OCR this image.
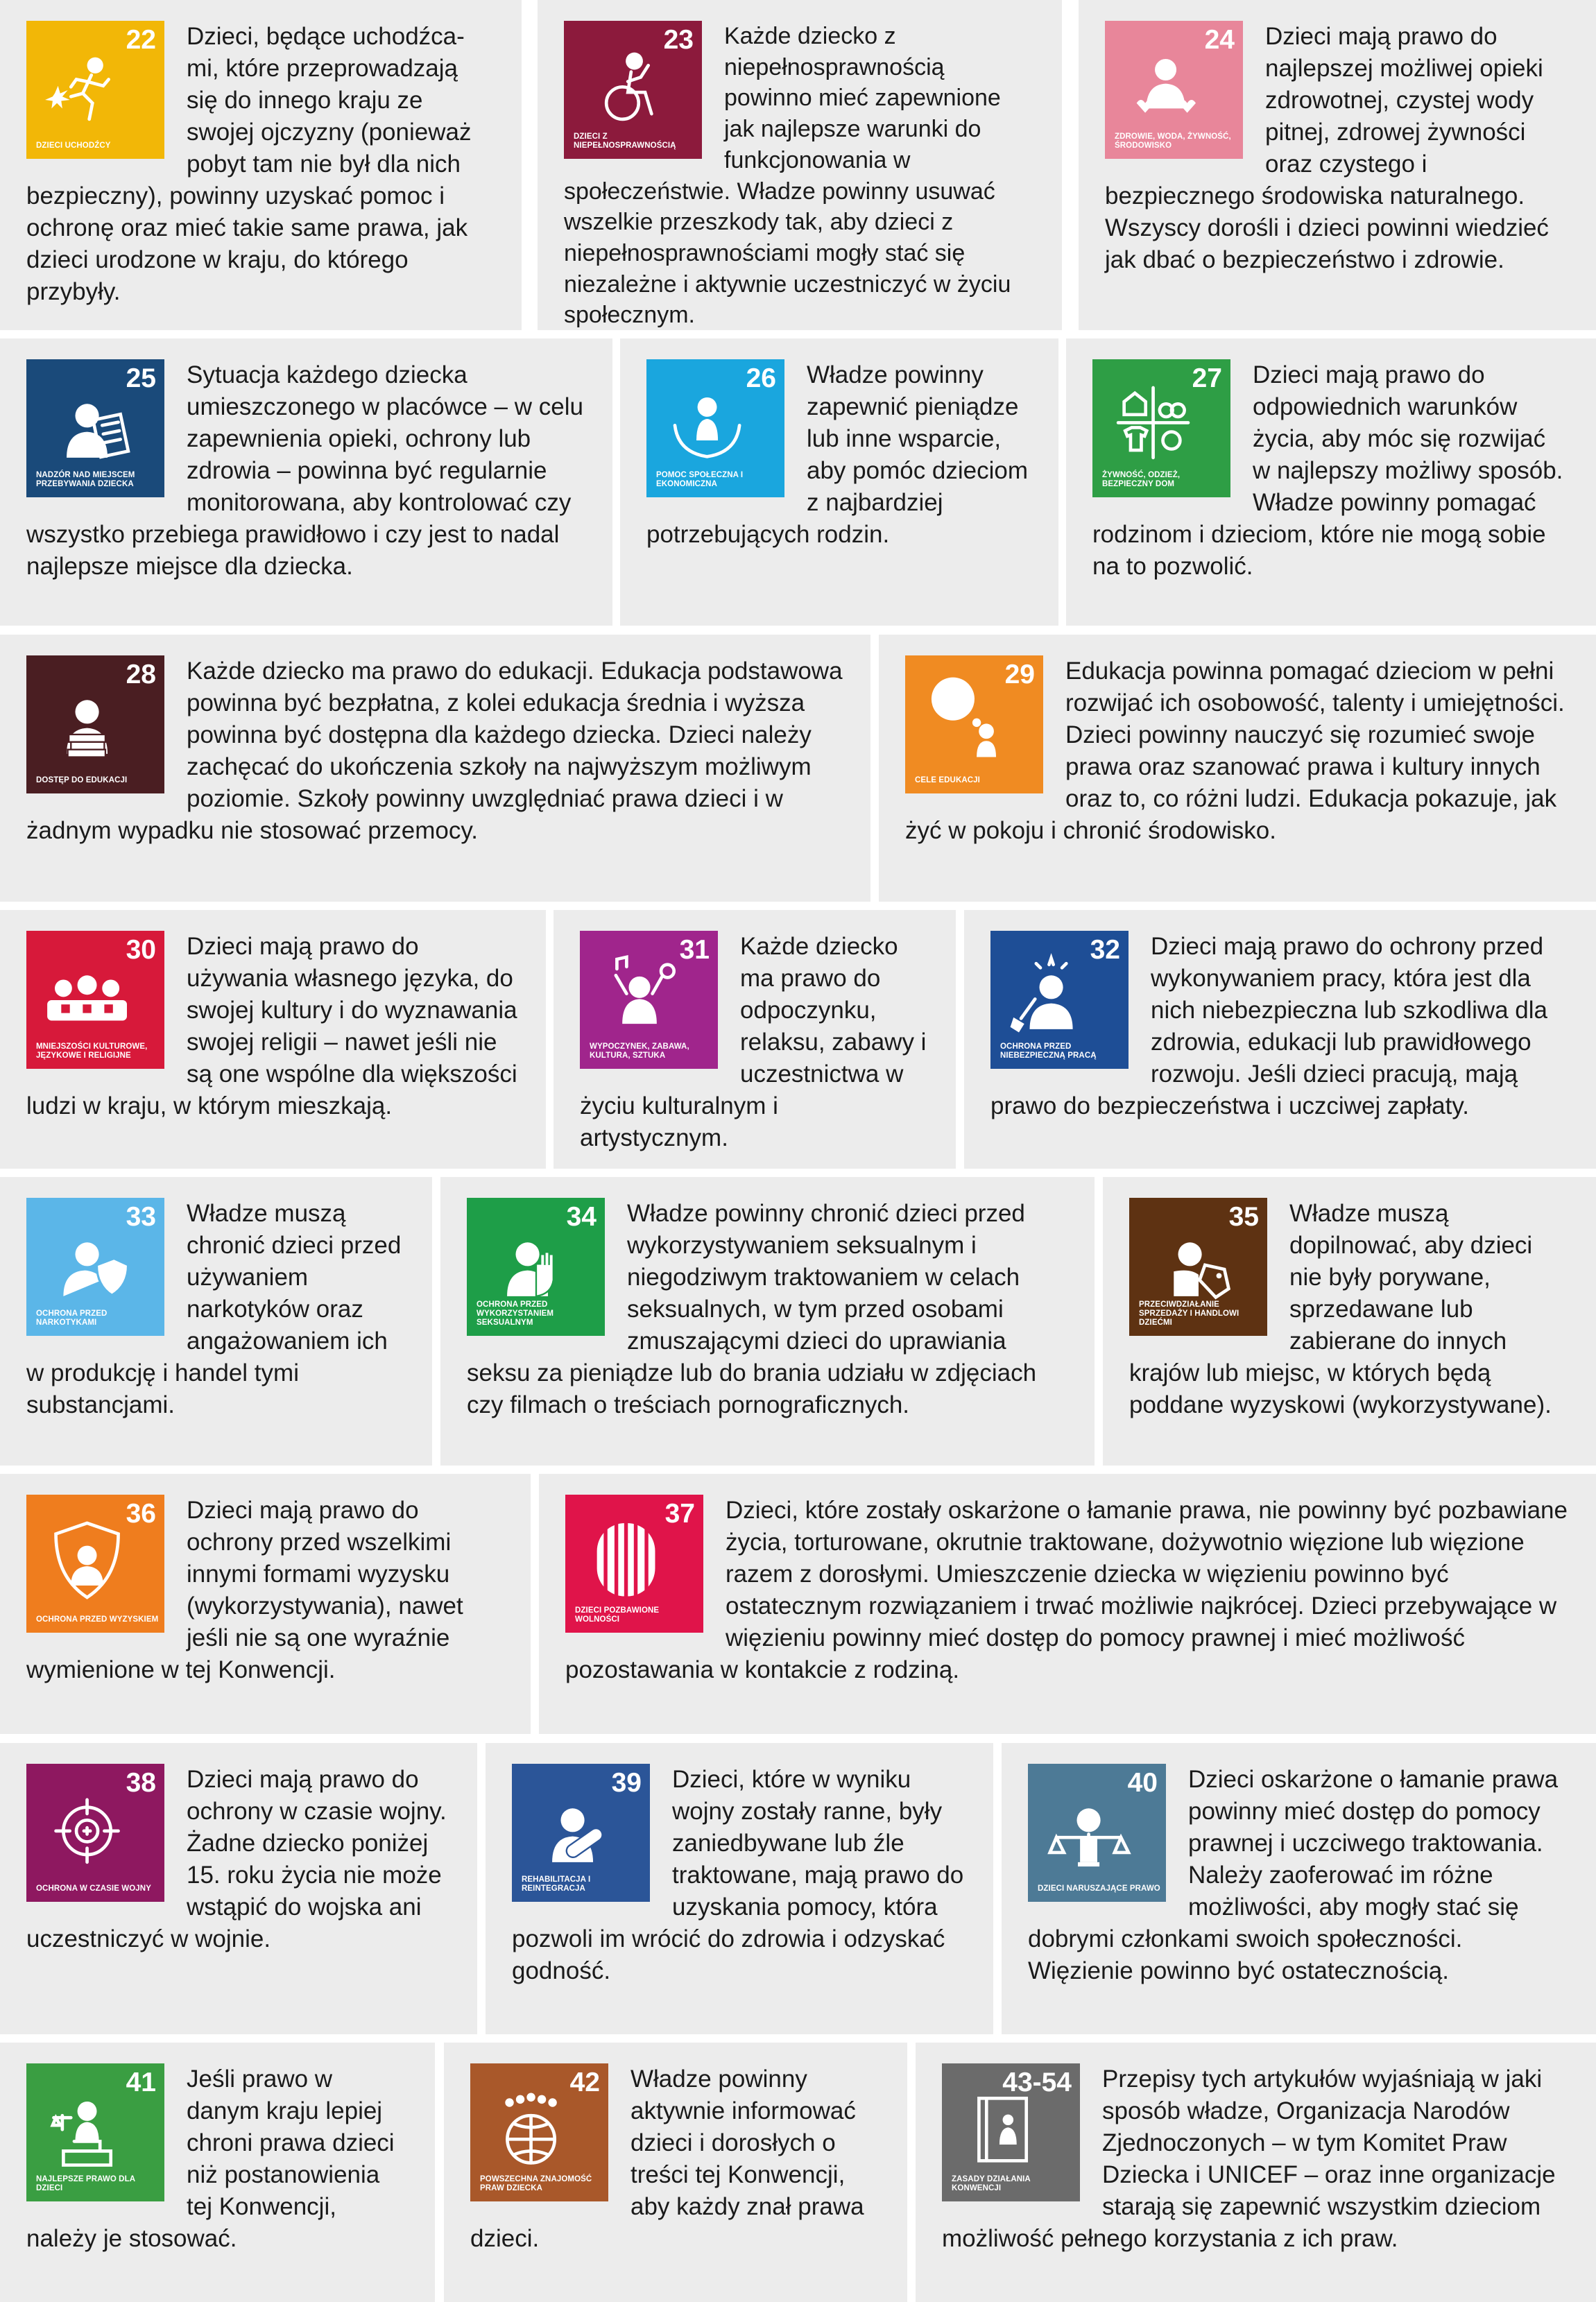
22
DZIECI UCHODŹCY

Dzieci, będące uchodźca-mi, które przeprowadzają się do innego kraju ze swojej ojczyzny (ponieważ pobyt tam nie był dla nich bezpieczny), powinny uzyskać pomoc i ochronę oraz mieć takie same prawa, jak dzieci urodzone w kraju, do którego przybyły.

23
DZIECI Z NIEPEŁNOSPRAWNOŚCIĄ

Każde dziecko z niepełnosprawnością powinno mieć zapewnione jak najlepsze warunki do funkcjonowania w społeczeństwie. Władze powinny usuwać wszelkie przeszkody tak, aby dzieci z niepełnosprawnościami mogły stać się niezależne i aktywnie uczestniczyć w życiu społecznym.

24
ZDROWIE, WODA, ŻYWNOŚĆ, ŚRODOWISKO

Dzieci mają prawo do najlepszej możliwej opieki zdrowotnej, czystej wody pitnej, zdrowej żywności oraz czystego i bezpiecznego środowiska naturalnego. Wszyscy dorośli i dzieci powinni wiedzieć jak dbać o bezpieczeństwo i zdrowie.

25
NADZÓR NAD MIEJSCEM PRZEBYWANIA DZIECKA

Sytuacja każdego dziecka umieszczonego w placówce – w celu zapewnienia opieki, ochrony lub zdrowia – powinna być regularnie monitorowana, aby kontrolować czy wszystko przebiega prawidłowo i czy jest to nadal najlepsze miejsce dla dziecka.

26
POMOC SPOŁECZNA I EKONOMICZNA

Władze powinny zapewnić pieniądze lub inne wsparcie, aby pomóc dzieciom z najbardziej potrzebujących rodzin.

27
ŻYWNOŚĆ, ODZIEŻ, BEZPIECZNY DOM

Dzieci mają prawo do odpowiednich warunków życia, aby móc się rozwijać w najlepszy możliwy sposób. Władze powinny pomagać rodzinom i dzieciom, które nie mogą sobie na to pozwolić.

28
DOSTĘP DO EDUKACJI

Każde dziecko ma prawo do edukacji. Edukacja podstawowa powinna być bezpłatna, z kolei edukacja średnia i wyższa powinna być dostępna dla każdego dziecka. Dzieci należy zachęcać do ukończenia szkoły na najwyższym możliwym poziomie. Szkoły powinny uwzględniać prawa dzieci i w żadnym wypadku nie stosować przemocy.

29
CELE EDUKACJI

Edukacja powinna pomagać dzieciom w pełni rozwijać ich osobowość, talenty i umiejętności. Dzieci powinny nauczyć się rozumieć swoje prawa oraz szanować prawa i kultury innych oraz to, co różni ludzi. Edukacja pokazuje, jak żyć w pokoju i chronić środowisko.

30
MNIEJSZOŚCI KULTUROWE, JĘZYKOWE I RELIGIJNE

Dzieci mają prawo do używania własnego języka, do swojej kultury i do wyznawania swojej religii – nawet jeśli nie są one wspólne dla większości ludzi w kraju, w którym mieszkają.

31
WYPOCZYNEK, ZABAWA, KULTURA, SZTUKA

Każde dziecko ma prawo do odpoczynku, relaksu, zabawy i uczestnictwa w życiu kulturalnym i artystycznym.

32
OCHRONA PRZED NIEBEZPIECZNĄ PRACĄ

Dzieci mają prawo do ochrony przed wykonywaniem pracy, która jest dla nich niebezpieczna lub szkodliwa dla zdrowia, edukacji lub prawidłowego rozwoju. Jeśli dzieci pracują, mają prawo do bezpieczeństwa i uczciwej zapłaty.

33
OCHRONA PRZED NARKOTYKAMI

Władze muszą chronić dzieci przed używaniem narkotyków oraz angażowaniem ich w produkcję i handel tymi substancjami.

34
OCHRONA PRZED WYKORZYSTANIEM SEKSUALNYM

Władze powinny chronić dzieci przed wykorzystywaniem seksualnym i niegodziwym traktowaniem w celach seksualnych, w tym przed osobami zmuszającymi dzieci do uprawiania seksu za pieniądze lub do brania udziału w zdjęciach czy filmach o treściach pornograficznych.

35
PRZECIWDZIAŁANIE SPRZEDAŻY I HANDLOWI DZIEĆMI

Władze muszą dopilnować, aby dzieci nie były porywane, sprzedawane lub zabierane do innych krajów lub miejsc, w których będą poddane wyzyskowi (wykorzystywane).

36
OCHRONA PRZED WYZYSKIEM

Dzieci mają prawo do ochrony przed wszelkimi innymi formami wyzysku (wykorzystywania), nawet jeśli nie są one wyraźnie wymienione w tej Konwencji.

37
DZIECI POZBAWIONE WOLNOŚCI

Dzieci, które zostały oskarżone o łamanie prawa, nie powinny być pozbawiane życia, torturowane, okrutnie traktowane, dożywotnio więzione lub więzione razem z dorosłymi. Umieszczenie dziecka w więzieniu powinno być ostatecznym rozwiązaniem i trwać możliwie najkrócej. Dzieci przebywające w więzieniu powinny mieć dostęp do pomocy prawnej i mieć możliwość pozostawania w kontakcie z rodziną.

38
OCHRONA W CZASIE WOJNY

Dzieci mają prawo do ochrony w czasie wojny. Żadne dziecko poniżej 15. roku życia nie może wstąpić do wojska ani uczestniczyć w wojnie.

39
REHABILITACJA I REINTEGRACJA

Dzieci, które w wyniku wojny zostały ranne, były zaniedbywane lub źle traktowane, mają prawo do uzyskania pomocy, która pozwoli im wrócić do zdrowia i odzyskać godność.

40
DZIECI NARUSZAJĄCE PRAWO

Dzieci oskarżone o łamanie prawa powinny mieć dostęp do pomocy prawnej i uczciwego traktowania. Należy zaoferować im różne możliwości, aby mogły stać się dobrymi członkami swoich społeczności. Więzienie powinno być ostatecznością.

41
NAJLEPSZE PRAWO DLA DZIECI

Jeśli prawo w danym kraju lepiej chroni prawa dzieci niż postanowienia tej Konwencji, należy je stosować.

42
POWSZECHNA ZNAJOMOŚĆ PRAW DZIECKA

Władze powinny aktywnie informować dzieci i dorosłych o treści tej Konwencji, aby każdy znał prawa dzieci.

43-54
ZASADY DZIAŁANIA KONWENCJI

Przepisy tych artykułów wyjaśniają w jaki sposób władze, Organizacja Narodów Zjednoczonych – w tym Komitet Praw Dziecka i UNICEF – oraz inne organizacje starają się zapewnić wszystkim dzieciom możliwość pełnego korzystania z ich praw.
